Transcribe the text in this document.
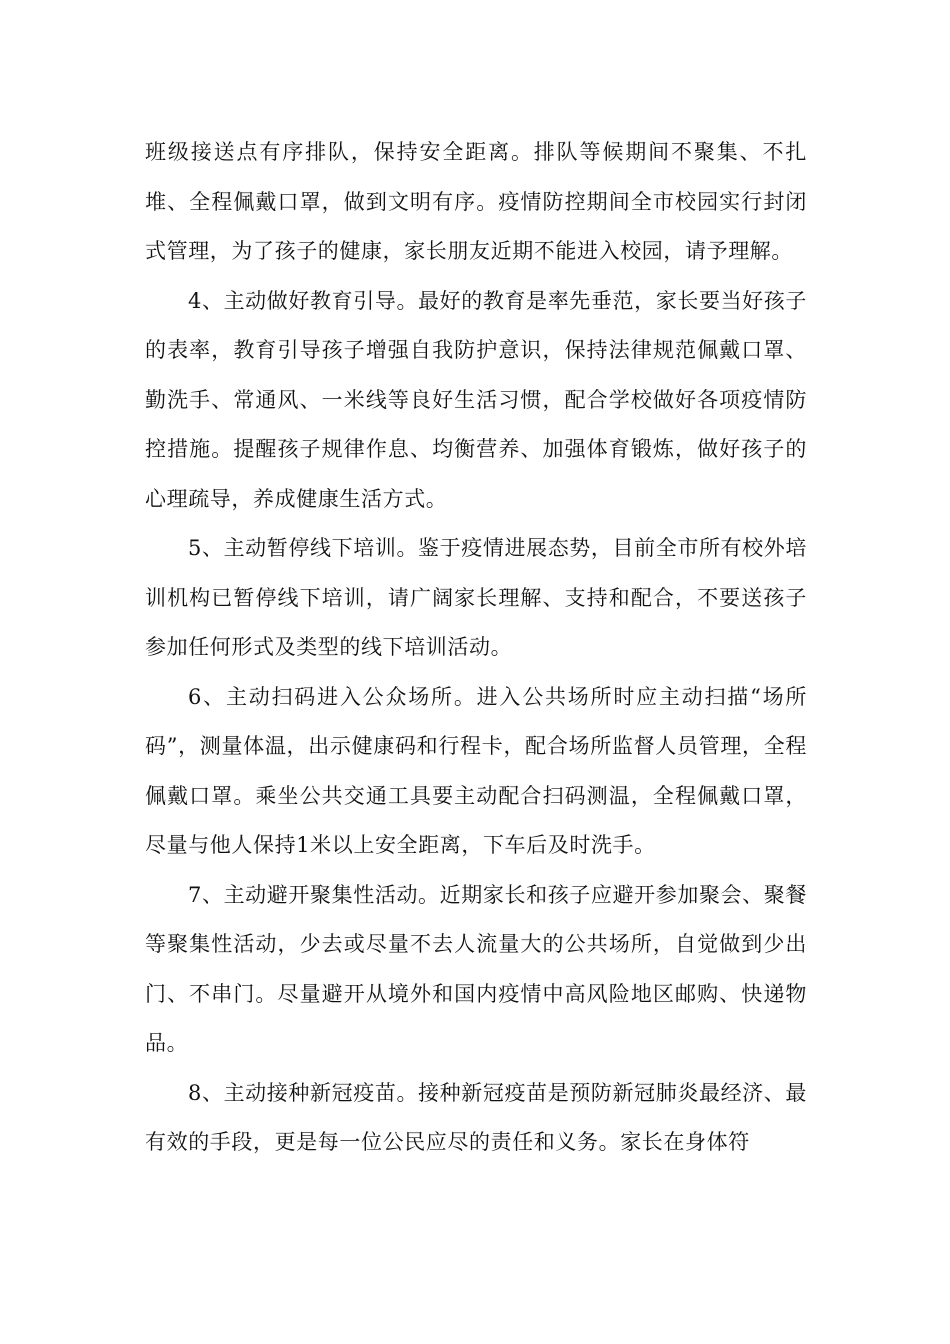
班级接送点有序排队，保持安全距离。排队等候期间不聚集、不扎堆、全程佩戴口罩，做到文明有序。疫情防控期间全市校园实行封闭式管理，为了孩子的健康，家长朋友近期不能进入校园，请予理解。

4、主动做好教育引导。最好的教育是率先垂范，家长要当好孩子的表率，教育引导孩子增强自我防护意识，保持法律规范佩戴口罩、勤洗手、常通风、一米线等良好生活习惯，配合学校做好各项疫情防控措施。提醒孩子规律作息、均衡营养、加强体育锻炼，做好孩子的心理疏导，养成健康生活方式。

5、主动暂停线下培训。鉴于疫情进展态势，目前全市所有校外培训机构已暂停线下培训，请广阔家长理解、支持和配合，不要送孩子参加任何形式及类型的线下培训活动。

6、主动扫码进入公众场所。进入公共场所时应主动扫描“场所码”，测量体温，出示健康码和行程卡，配合场所监督人员管理，全程佩戴口罩。乘坐公共交通工具要主动配合扫码测温，全程佩戴口罩，尽量与他人保持1米以上安全距离，下车后及时洗手。

7、主动避开聚集性活动。近期家长和孩子应避开参加聚会、聚餐等聚集性活动，少去或尽量不去人流量大的公共场所，自觉做到少出门、不串门。尽量避开从境外和国内疫情中高风险地区邮购、快递物品。

8、主动接种新冠疫苗。接种新冠疫苗是预防新冠肺炎最经济、最有效的手段，更是每一位公民应尽的责任和义务。家长在身体符
